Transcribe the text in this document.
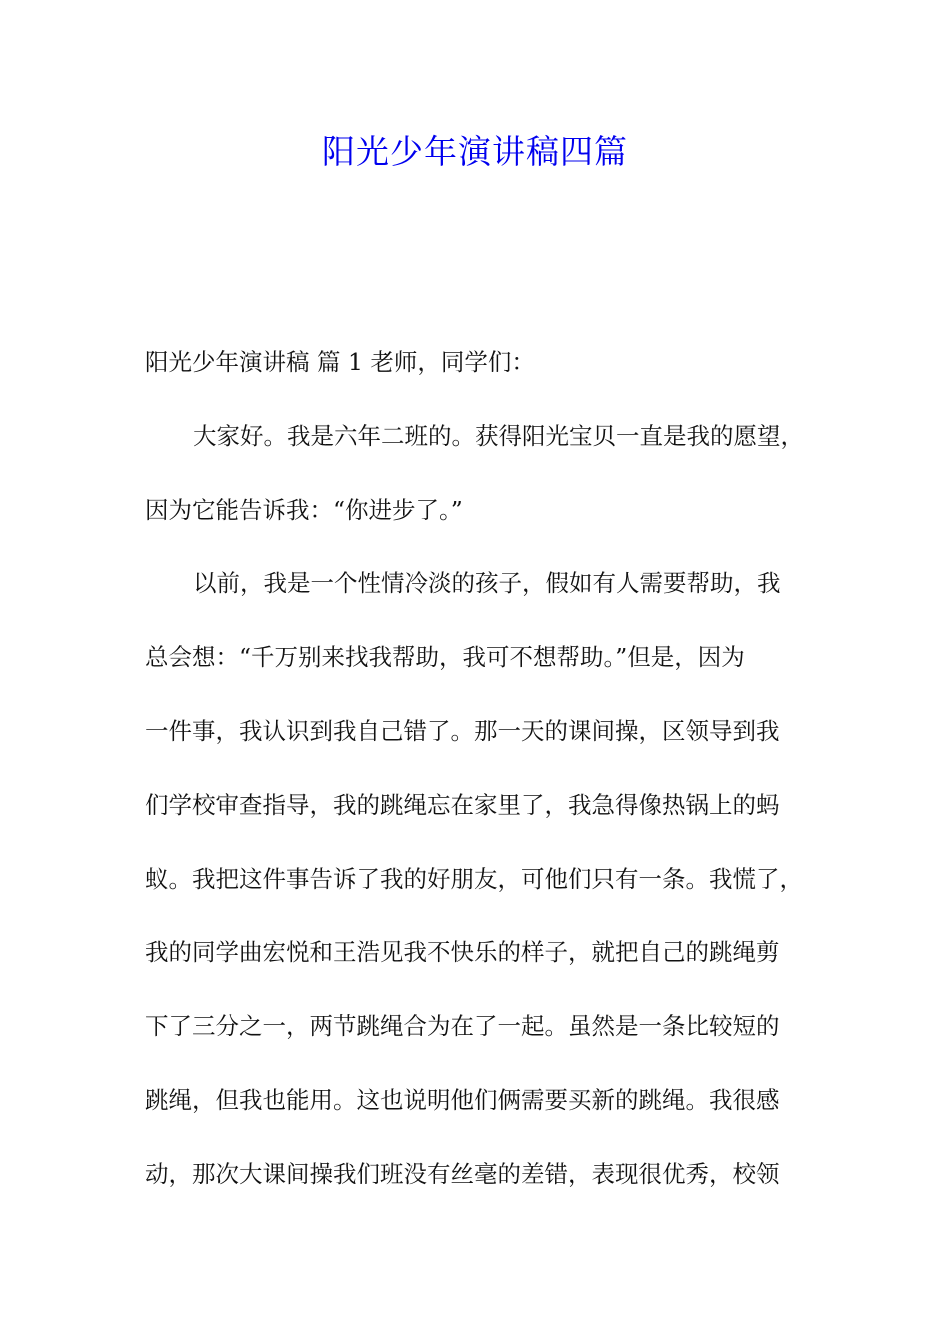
阳光少年演讲稿四篇
阳光少年演讲稿 篇 1 老师，同学们：
大家好。我是六年二班的。获得阳光宝贝一直是我的愿望，
因为它能告诉我：“你进步了。”
以前，我是一个性情冷淡的孩子，假如有人需要帮助，我
总会想：“千万别来找我帮助，我可不想帮助。”但是，因为
一件事，我认识到我自己错了。那一天的课间操，区领导到我
们学校审查指导，我的跳绳忘在家里了，我急得像热锅上的蚂
蚁。我把这件事告诉了我的好朋友，可他们只有一条。我慌了，
我的同学曲宏悦和王浩见我不快乐的样子，就把自己的跳绳剪
下了三分之一，两节跳绳合为在了一起。虽然是一条比较短的
跳绳，但我也能用。这也说明他们俩需要买新的跳绳。我很感
动，那次大课间操我们班没有丝毫的差错，表现很优秀，校领
